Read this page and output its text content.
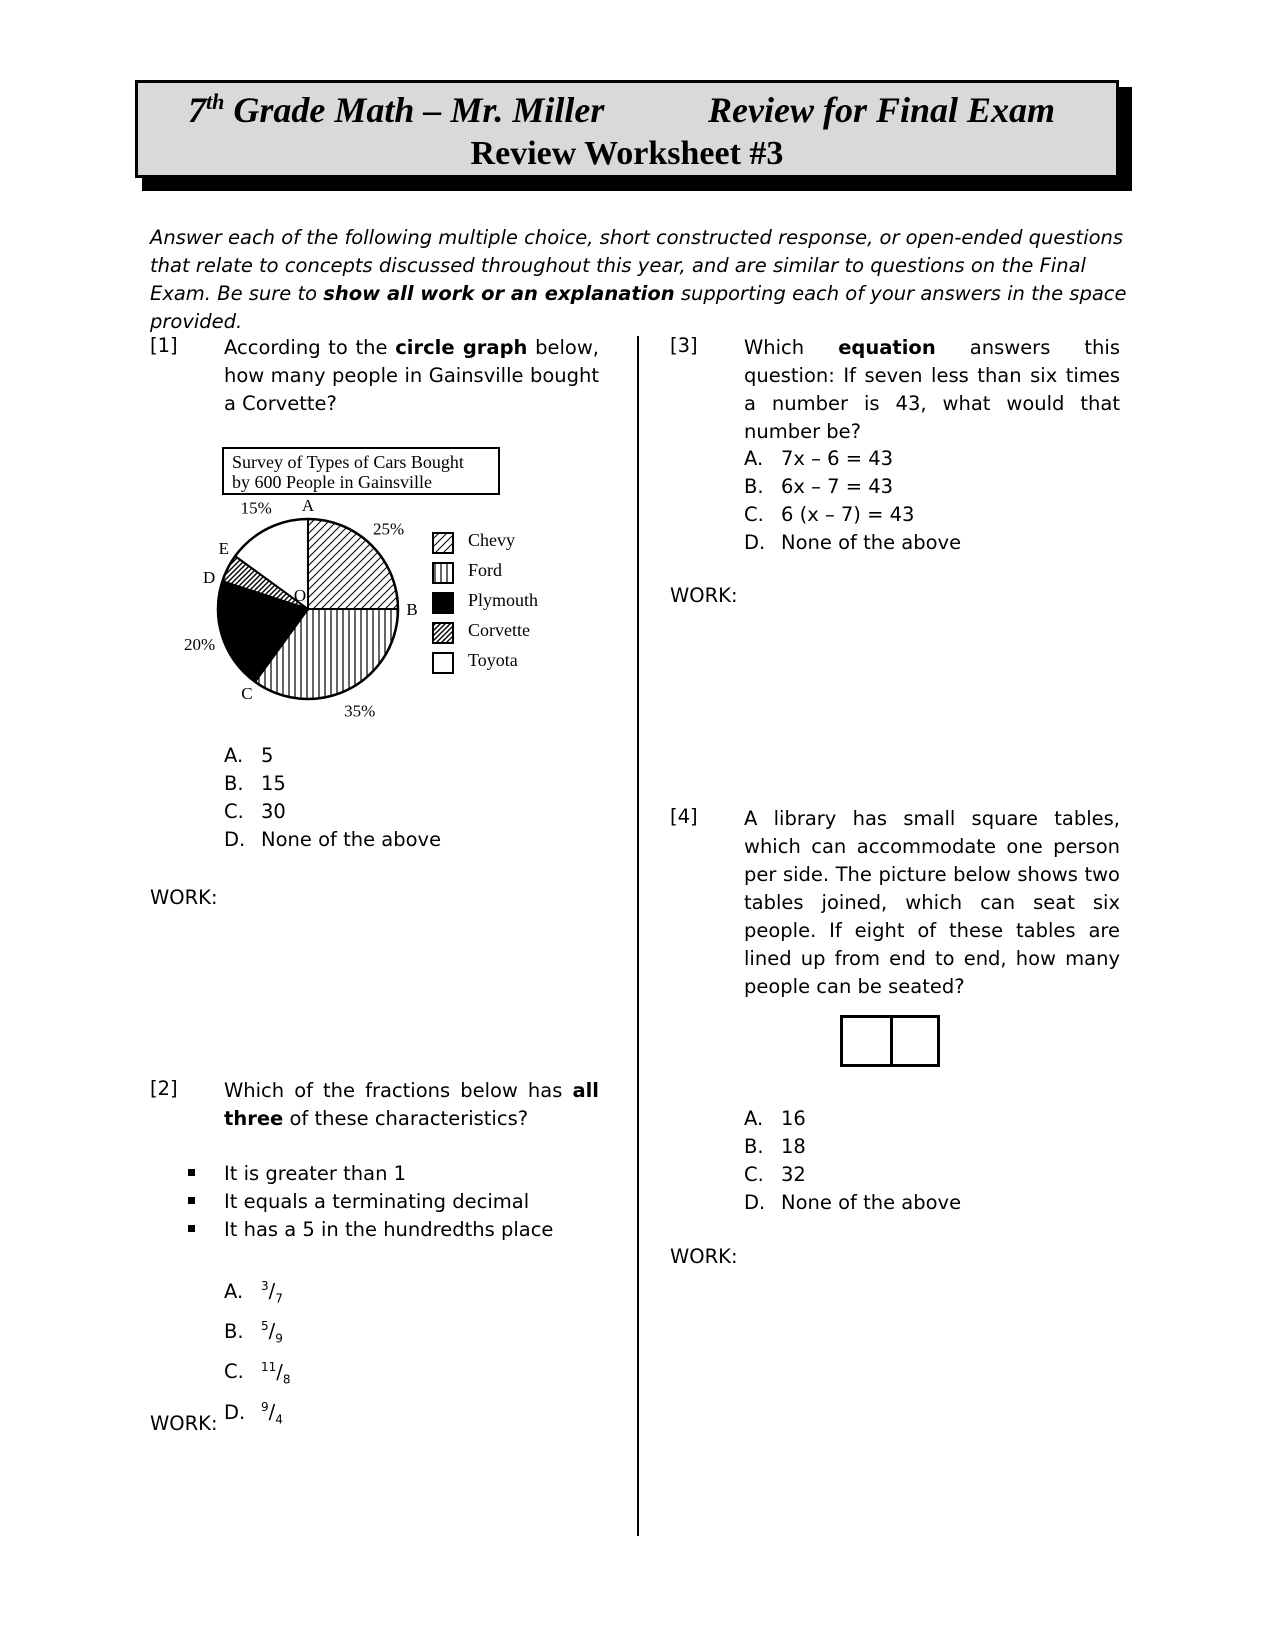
7th Grade Math – Mr. Miller	Review for Final Exam
Review Worksheet #3
Answer each of the following multiple choice, short constructed response, or open-ended questions that relate to concepts discussed throughout this year, and are similar to questions on the Final Exam. Be sure to show all work or an explanation supporting each of your answers in the space provided.
[1] According to the circle graph below, how many people in Gainsville bought a Corvette?
Survey of Types of Cars Bought
by 600 People in Gainsville
25%
35%
20%
15% A
B
C
D
E
O
Chevy
Ford
Plymouth
Corvette
Toyota
A. 5
B. 15
C. 30
D. None of the above
WORK:
[2] Which of the fractions below has all three of these characteristics?
It is greater than 1
It equals a terminating decimal
It has a 5 in the hundredths place
A. $^3/_7$
B. $^5/_9$
C. $^{11}/_8$
D. $^9/_4$
WORK:
[3] Which equation answers this question: If seven less than six times a number is 43, what would that number be?
A. 7x – 6 = 43
B. 6x – 7 = 43
C. 6 (x – 7) = 43
D. None of the above
WORK:
[4] A library has small square tables, which can accommodate one person per side. The picture below shows two tables joined, which can seat six people. If eight of these tables are lined up from end to end, how many people can be seated?
A. 16
B. 18
C. 32
D. None of the above
WORK:
